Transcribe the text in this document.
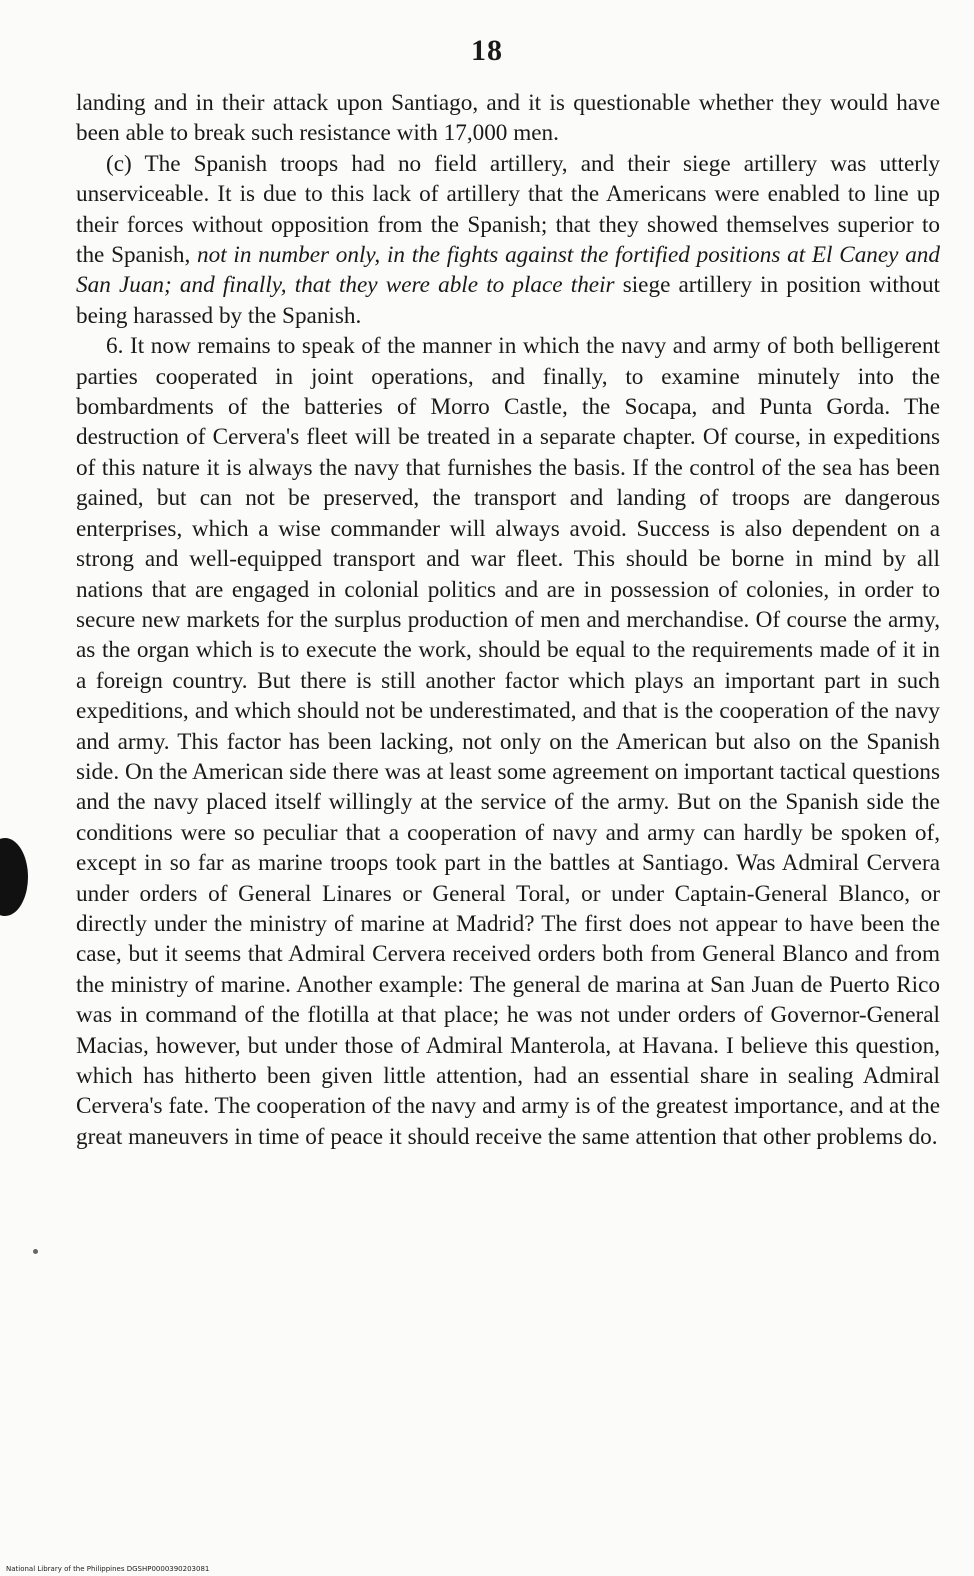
18

landing and in their attack upon Santiago, and it is questionable whether they would have been able to break such resistance with 17,000 men.

(c) The Spanish troops had no field artillery, and their siege artillery was utterly unserviceable. It is due to this lack of artillery that the Americans were enabled to line up their forces without opposition from the Spanish; that they showed themselves superior to the Spanish, not in number only, in the fights against the fortified positions at El Caney and San Juan; and finally, that they were able to place their siege artillery in position without being harassed by the Spanish.

6. It now remains to speak of the manner in which the navy and army of both belligerent parties cooperated in joint operations, and finally, to examine minutely into the bombardments of the batteries of Morro Castle, the Socapa, and Punta Gorda. The destruction of Cervera's fleet will be treated in a separate chapter. Of course, in expeditions of this nature it is always the navy that furnishes the basis. If the control of the sea has been gained, but can not be preserved, the transport and landing of troops are dangerous enterprises, which a wise commander will always avoid. Success is also dependent on a strong and well-equipped transport and war fleet. This should be borne in mind by all nations that are engaged in colonial politics and are in possession of colonies, in order to secure new markets for the surplus production of men and merchandise. Of course the army, as the organ which is to execute the work, should be equal to the requirements made of it in a foreign country. But there is still another factor which plays an important part in such expeditions, and which should not be underestimated, and that is the cooperation of the navy and army. This factor has been lacking, not only on the American but also on the Spanish side. On the American side there was at least some agreement on important tactical questions and the navy placed itself willingly at the service of the army. But on the Spanish side the conditions were so peculiar that a cooperation of navy and army can hardly be spoken of, except in so far as marine troops took part in the battles at Santiago. Was Admiral Cervera under orders of General Linares or General Toral, or under Captain-General Blanco, or directly under the ministry of marine at Madrid? The first does not appear to have been the case, but it seems that Admiral Cervera received orders both from General Blanco and from the ministry of marine. Another example: The general de marina at San Juan de Puerto Rico was in command of the flotilla at that place; he was not under orders of Governor-General Macias, however, but under those of Admiral Manterola, at Havana. I believe this question, which has hitherto been given little attention, had an essential share in sealing Admiral Cervera's fate. The cooperation of the navy and army is of the greatest importance, and at the great maneuvers in time of peace it should receive the same attention that other problems do.

National Library of the Philippines DGSHP0000390203081
